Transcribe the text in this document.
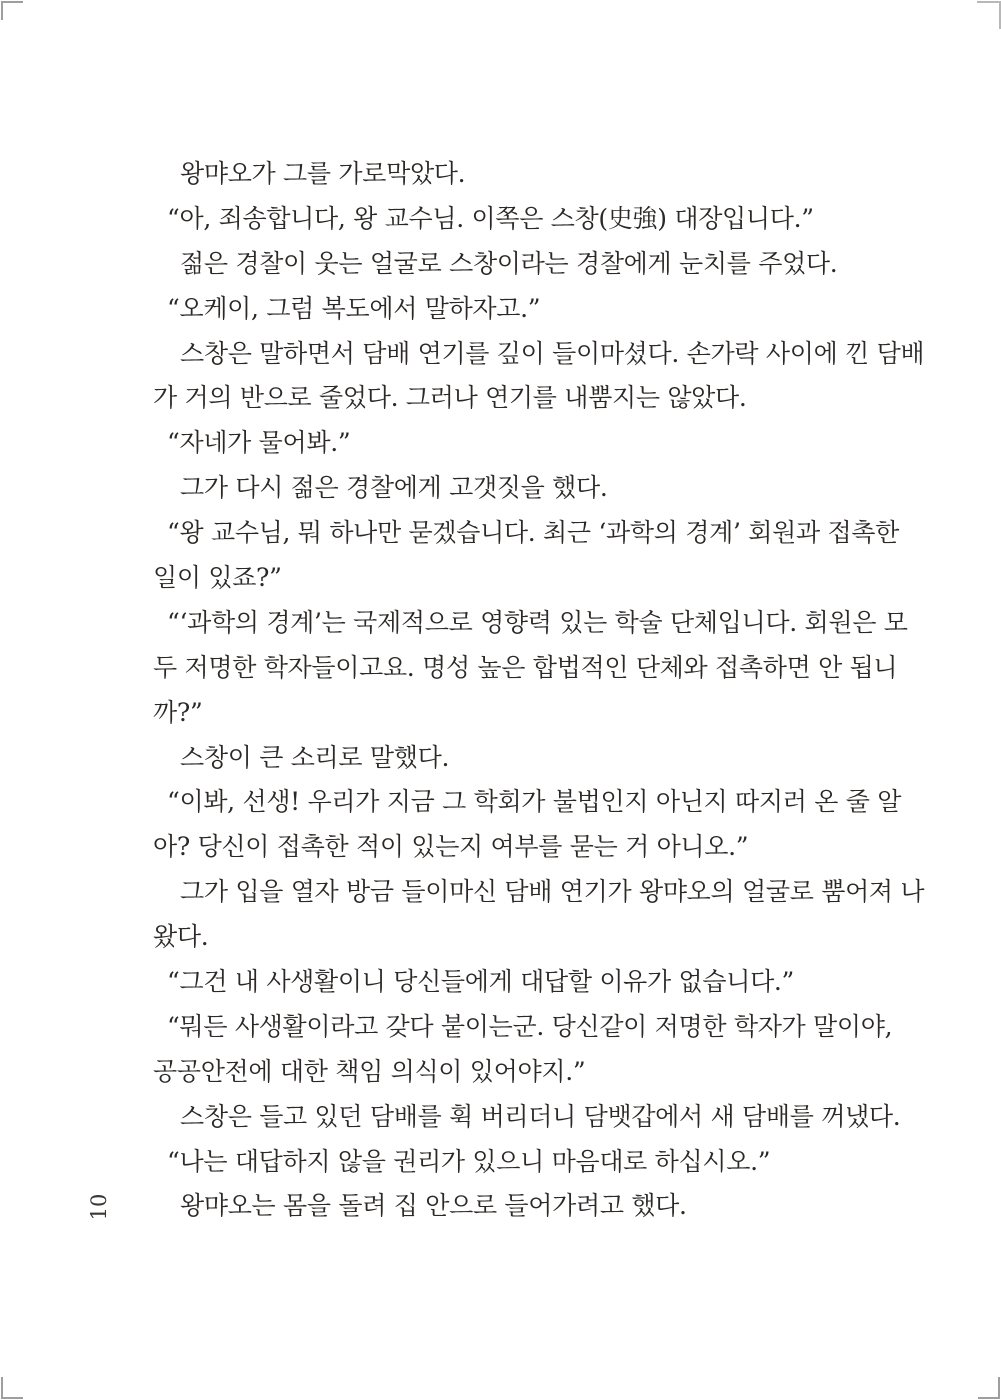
왕먀오가 그를 가로막았다.
“아, 죄송합니다, 왕 교수님. 이쪽은 스창(史強) 대장입니다.”
젊은 경찰이 웃는 얼굴로 스창이라는 경찰에게 눈치를 주었다.
“오케이, 그럼 복도에서 말하자고.”
스창은 말하면서 담배 연기를 깊이 들이마셨다. 손가락 사이에 낀 담배
가 거의 반으로 줄었다. 그러나 연기를 내뿜지는 않았다.
“자네가 물어봐.”
그가 다시 젊은 경찰에게 고갯짓을 했다.
“왕 교수님, 뭐 하나만 묻겠습니다. 최근 ‘과학의 경계’ 회원과 접촉한
일이 있죠?”
“‘과학의 경계’는 국제적으로 영향력 있는 학술 단체입니다. 회원은 모
두 저명한 학자들이고요. 명성 높은 합법적인 단체와 접촉하면 안 됩니
까?”
스창이 큰 소리로 말했다.
“이봐, 선생! 우리가 지금 그 학회가 불법인지 아닌지 따지러 온 줄 알
아? 당신이 접촉한 적이 있는지 여부를 묻는 거 아니오.”
그가 입을 열자 방금 들이마신 담배 연기가 왕먀오의 얼굴로 뿜어져 나
왔다.
“그건 내 사생활이니 당신들에게 대답할 이유가 없습니다.”
“뭐든 사생활이라고 갖다 붙이는군. 당신같이 저명한 학자가 말이야,
공공안전에 대한 책임 의식이 있어야지.”
스창은 들고 있던 담배를 휙 버리더니 담뱃갑에서 새 담배를 꺼냈다.
“나는 대답하지 않을 권리가 있으니 마음대로 하십시오.”
왕먀오는 몸을 돌려 집 안으로 들어가려고 했다.
10
